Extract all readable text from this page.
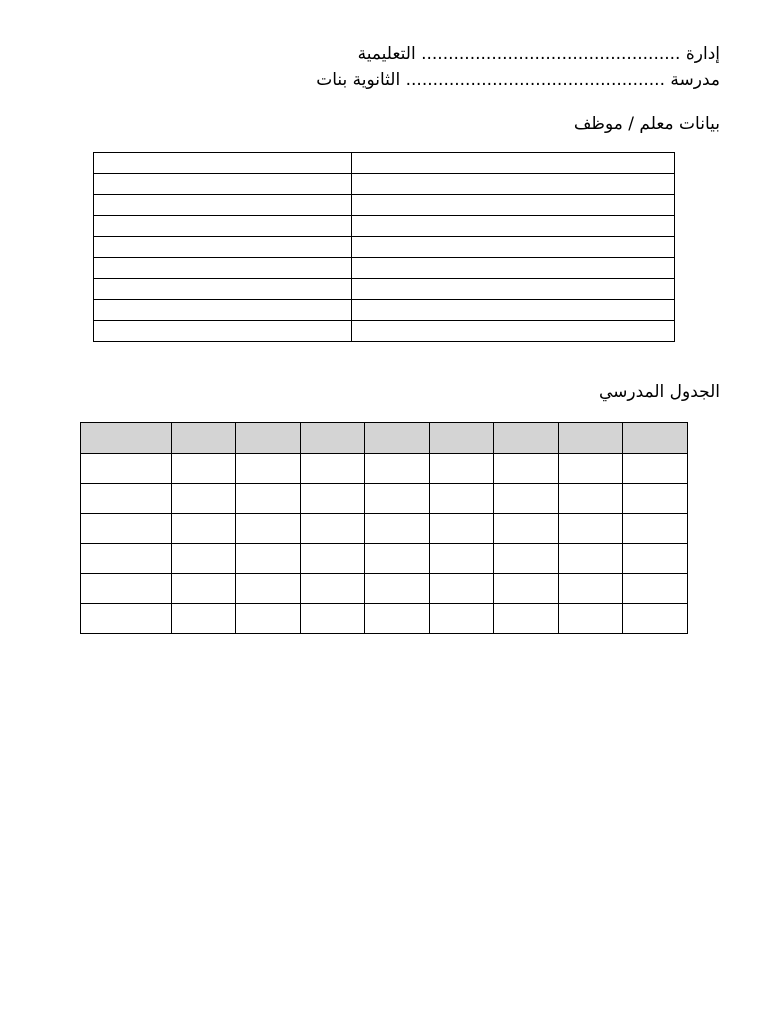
إدارة ................................................ التعليمية
مدرسة ................................................ الثانوية بنات
بيانات معلم / موظف

الجدول المدرسي
